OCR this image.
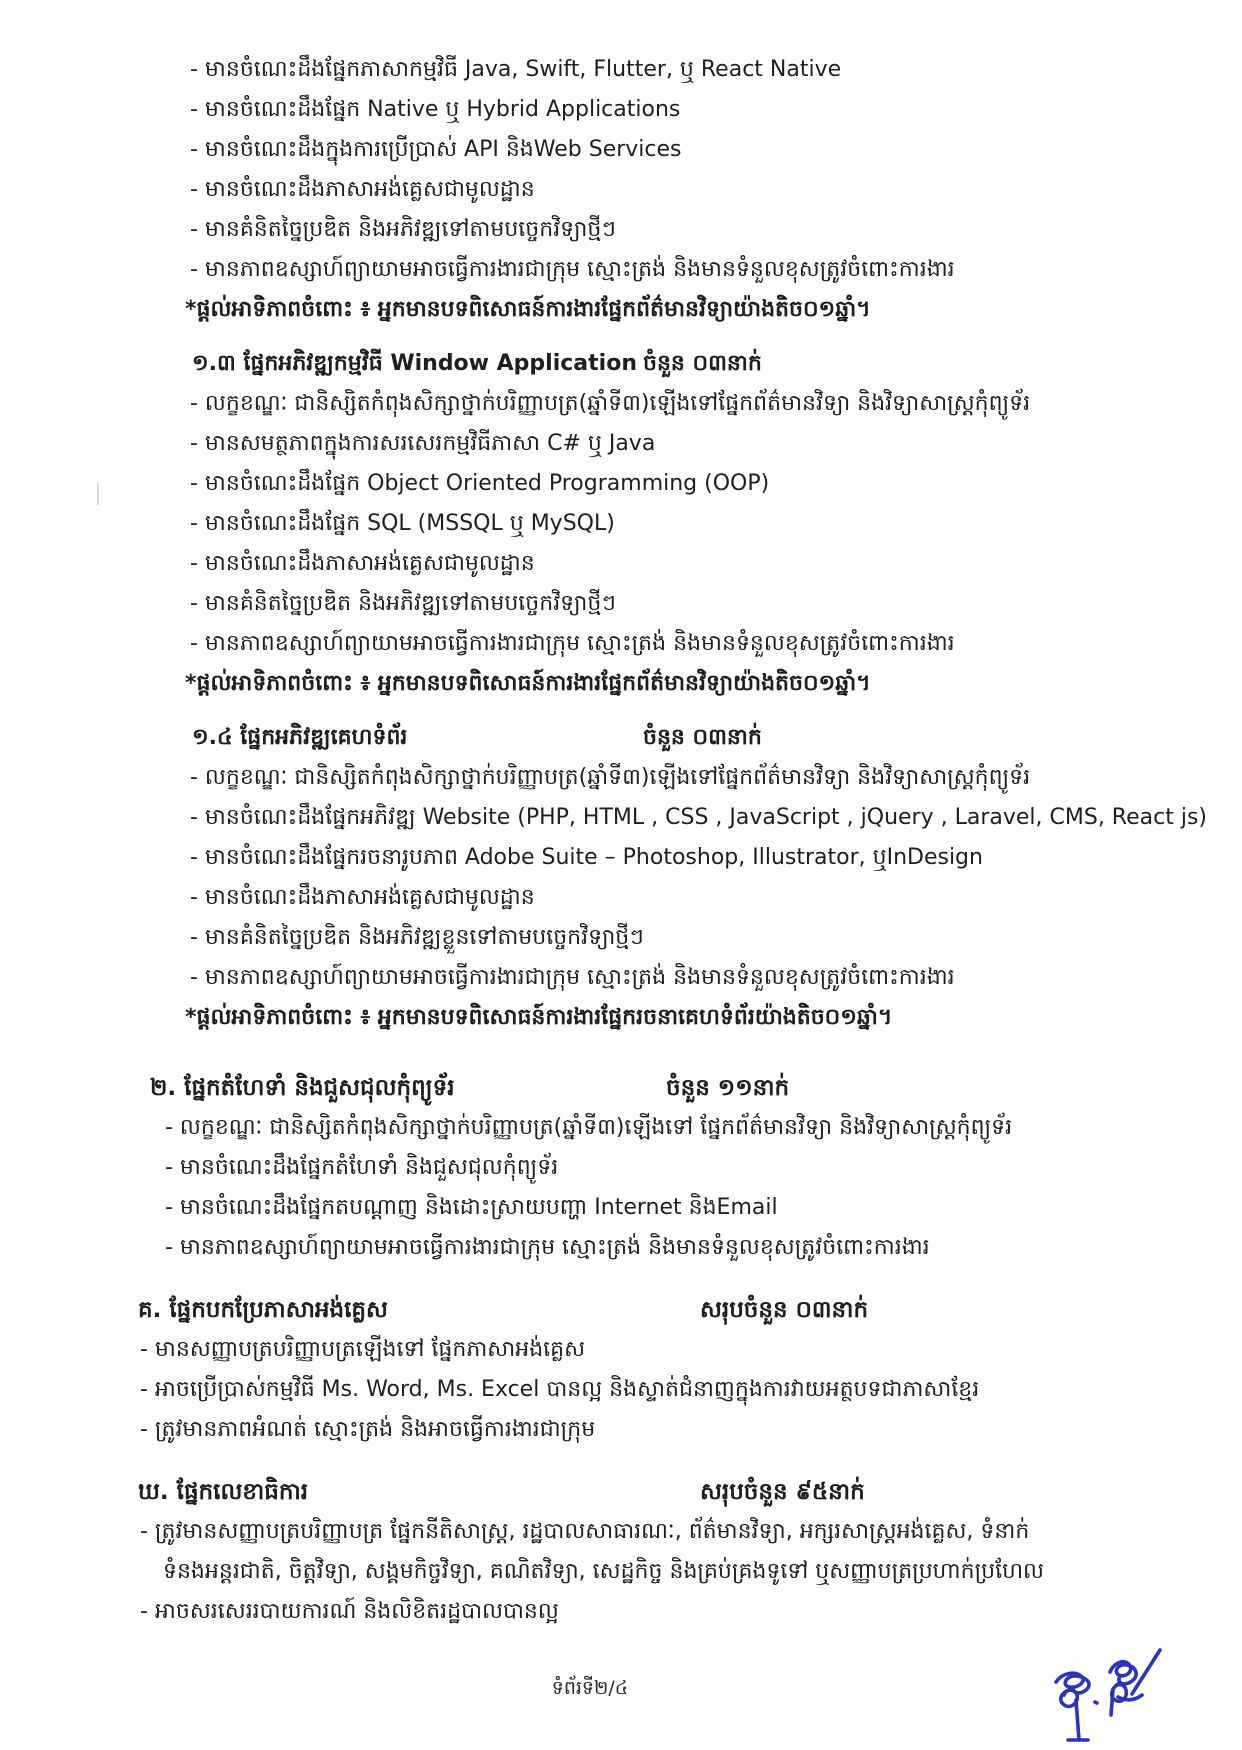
- មានចំណេះដឹងផ្នែកភាសាកម្មវិធី Java, Swift, Flutter, ឬ React Native
- មានចំណេះដឹងផ្នែក Native ឬ Hybrid Applications
- មានចំណេះដឹងក្នុងការប្រើប្រាស់ API និងWeb Services
- មានចំណេះដឹងភាសាអង់គ្លេសជាមូលដ្ឋាន
- មានគំនិតច្នៃប្រឌិត និងអភិវឌ្ឍទៅតាមបច្ចេកវិទ្យាថ្មីៗ
- មានភាពឧស្សាហ៍ព្យាយាមអាចធ្វើការងារជាក្រុម ស្មោះត្រង់ និងមានទំនួលខុសត្រូវចំពោះការងារ
*ផ្តល់អាទិភាពចំពោះ ៖ អ្នកមានបទពិសោធន៍ការងារផ្នែកព័ត៌មានវិទ្យាយ៉ាងតិច០១ឆ្នាំ។
១.៣ ផ្នែកអភិវឌ្ឍកម្មវិធី Window Application ចំនួន ០៣នាក់
- លក្ខខណ្ឌៈ ជានិស្សិតកំពុងសិក្សាថ្នាក់បរិញ្ញាបត្រ(ឆ្នាំទី៣)ឡើងទៅផ្នែកព័ត៌មានវិទ្យា និងវិទ្យាសាស្ត្រកុំព្យូទ័រ
- មានសមត្ថភាពក្នុងការសរសេរកម្មវិធីភាសា C# ឬ Java
- មានចំណេះដឹងផ្នែក Object Oriented Programming (OOP)
- មានចំណេះដឹងផ្នែក SQL (MSSQL ឬ MySQL)
- មានចំណេះដឹងភាសាអង់គ្លេសជាមូលដ្ឋាន
- មានគំនិតច្នៃប្រឌិត និងអភិវឌ្ឍទៅតាមបច្ចេកវិទ្យាថ្មីៗ
- មានភាពឧស្សាហ៍ព្យាយាមអាចធ្វើការងារជាក្រុម ស្មោះត្រង់ និងមានទំនួលខុសត្រូវចំពោះការងារ
*ផ្តល់អាទិភាពចំពោះ ៖ អ្នកមានបទពិសោធន៍ការងារផ្នែកព័ត៌មានវិទ្យាយ៉ាងតិច០១ឆ្នាំ។
១.៤ ផ្នែកអភិវឌ្ឍគេហទំព័រ	ចំនួន ០៣នាក់
- លក្ខខណ្ឌៈ ជានិស្សិតកំពុងសិក្សាថ្នាក់បរិញ្ញាបត្រ(ឆ្នាំទី៣)ឡើងទៅផ្នែកព័ត៌មានវិទ្យា និងវិទ្យាសាស្ត្រកុំព្យូទ័រ
- មានចំណេះដឹងផ្នែកអភិវឌ្ឍ Website (PHP, HTML , CSS , JavaScript , jQuery , Laravel, CMS, React js)
- មានចំណេះដឹងផ្នែករចនារូបភាព Adobe Suite – Photoshop, Illustrator, ឬInDesign
- មានចំណេះដឹងភាសាអង់គ្លេសជាមូលដ្ឋាន
- មានគំនិតច្នៃប្រឌិត និងអភិវឌ្ឍខ្លួនទៅតាមបច្ចេកវិទ្យាថ្មីៗ
- មានភាពឧស្សាហ៍ព្យាយាមអាចធ្វើការងារជាក្រុម ស្មោះត្រង់ និងមានទំនួលខុសត្រូវចំពោះការងារ
*ផ្តល់អាទិភាពចំពោះ ៖ អ្នកមានបទពិសោធន៍ការងារផ្នែករចនាគេហទំព័រយ៉ាងតិច០១ឆ្នាំ។
២. ផ្នែកតំហែទាំ និងជួសជុលកុំព្យូទ័រ	ចំនួន ១១នាក់
- លក្ខខណ្ឌៈ ជានិស្សិតកំពុងសិក្សាថ្នាក់បរិញ្ញាបត្រ(ឆ្នាំទី៣)ឡើងទៅ ផ្នែកព័ត៌មានវិទ្យា និងវិទ្យាសាស្ត្រកុំព្យូទ័រ
- មានចំណេះដឹងផ្នែកតំហែទាំ និងជួសជុលកុំព្យូទ័រ
- មានចំណេះដឹងផ្នែកតបណ្តាញ និងដោះស្រាយបញ្ហា Internet និងEmail
- មានភាពឧស្សាហ៍ព្យាយាមអាចធ្វើការងារជាក្រុម ស្មោះត្រង់ និងមានទំនួលខុសត្រូវចំពោះការងារ
គ. ផ្នែកបកប្រែភាសាអង់គ្លេស	សរុបចំនួន ០៣នាក់
- មានសញ្ញាបត្របរិញ្ញាបត្រឡើងទៅ ផ្នែកភាសាអង់គ្លេស
- អាចប្រើប្រាស់កម្មវិធី Ms. Word, Ms. Excel បានល្អ និងស្ទាត់ជំនាញក្នុងការវាយអត្ថបទជាភាសាខ្មែរ
- ត្រូវមានភាពអំណត់ ស្មោះត្រង់ និងអាចធ្វើការងារជាក្រុម
ឃ. ផ្នែកលេខាធិការ	សរុបចំនួន ៩៥នាក់
- ត្រូវមានសញ្ញាបត្របរិញ្ញាបត្រ ផ្នែកនីតិសាស្ត្រ, រដ្ឋបាលសាធារណៈ, ព័ត៌មានវិទ្យា, អក្សរសាស្ត្រអង់គ្លេស, ទំនាក់
ទំនងអន្តរជាតិ, ចិត្តវិទ្យា, សង្គមកិច្ចវិទ្យា, គណិតវិទ្យា, សេដ្ឋកិច្ច និងគ្រប់គ្រងទូទៅ ឬសញ្ញាបត្រប្រហាក់ប្រហែល
- អាចសរសេររបាយការណ៍ និងលិខិតរដ្ឋបាលបានល្អ
ទំព័រទី២/៤
